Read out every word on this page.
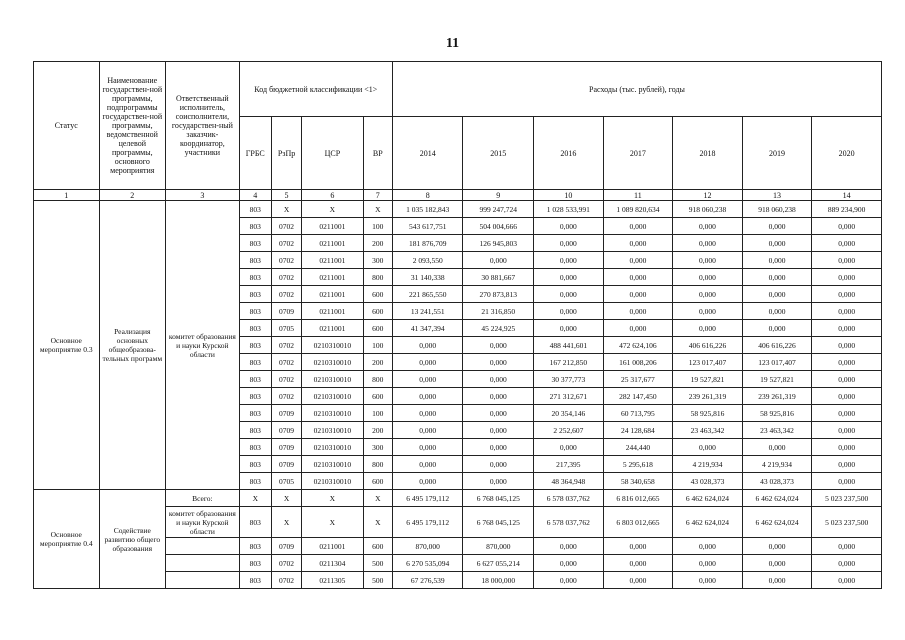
11
Статус	Наименование государствен-ной программы, подпрограммы государствен-ной программы, ведомственной целевой программы, основного мероприятия	Ответственный исполнитель, соисполнители, государствен-ный заказчик-координатор, участники	Код бюджетной классификации <1>				Расходы (тыс. рублей), годы						
			ГРБС	РзПр	ЦСР	ВР	2014	2015	2016	2017	2018	2019	2020
1	2	3	4	5	6	7	8	9	10	11	12	13	14
Основное мероприятие 0.3	Реализация основных общеобразова-тельных программ	комитет образования и науки Курской области	803	X	X	X	1 035 182,843	999 247,724	1 028 533,991	1 089 820,634	918 060,238	918 060,238	889 234,900
			803	0702	0211001	100	543 617,751	504 004,666	0,000	0,000	0,000	0,000	0,000
			803	0702	0211001	200	181 876,709	126 945,803	0,000	0,000	0,000	0,000	0,000
			803	0702	0211001	300	2 093,550	0,000	0,000	0,000	0,000	0,000	0,000
			803	0702	0211001	800	31 140,338	30 881,667	0,000	0,000	0,000	0,000	0,000
			803	0702	0211001	600	221 865,550	270 873,813	0,000	0,000	0,000	0,000	0,000
			803	0709	0211001	600	13 241,551	21 316,850	0,000	0,000	0,000	0,000	0,000
			803	0705	0211001	600	41 347,394	45 224,925	0,000	0,000	0,000	0,000	0,000
			803	0702	0210310010	100	0,000	0,000	488 441,601	472 624,106	406 616,226	406 616,226	0,000
			803	0702	0210310010	200	0,000	0,000	167 212,850	161 008,206	123 017,407	123 017,407	0,000
			803	0702	0210310010	800	0,000	0,000	30 377,773	25 317,677	19 527,821	19 527,821	0,000
			803	0702	0210310010	600	0,000	0,000	271 312,671	282 147,450	239 261,319	239 261,319	0,000
			803	0709	0210310010	100	0,000	0,000	20 354,146	60 713,795	58 925,816	58 925,816	0,000
			803	0709	0210310010	200	0,000	0,000	2 252,607	24 128,684	23 463,342	23 463,342	0,000
			803	0709	0210310010	300	0,000	0,000	0,000	244,440	0,000	0,000	0,000
			803	0709	0210310010	800	0,000	0,000	217,395	5 295,618	4 219,934	4 219,934	0,000
			803	0705	0210310010	600	0,000	0,000	48 364,948	58 340,658	43 028,373	43 028,373	0,000
Основное мероприятие 0.4	Содействие развитию общего образования	Всего:	X	X	X	X	6 495 179,112	6 768 045,125	6 578 037,762	6 816 012,665	6 462 624,024	6 462 624,024	5 023 237,500
		комитет образования и науки Курской области	803	X	X	X	6 495 179,112	6 768 045,125	6 578 037,762	6 803 012,665	6 462 624,024	6 462 624,024	5 023 237,500
			803	0709	0211001	600	870,000	870,000	0,000	0,000	0,000	0,000	0,000
			803	0702	0211304	500	6 270 535,094	6 627 055,214	0,000	0,000	0,000	0,000	0,000
			803	0702	0211305	500	67 276,539	18 000,000	0,000	0,000	0,000	0,000	0,000
